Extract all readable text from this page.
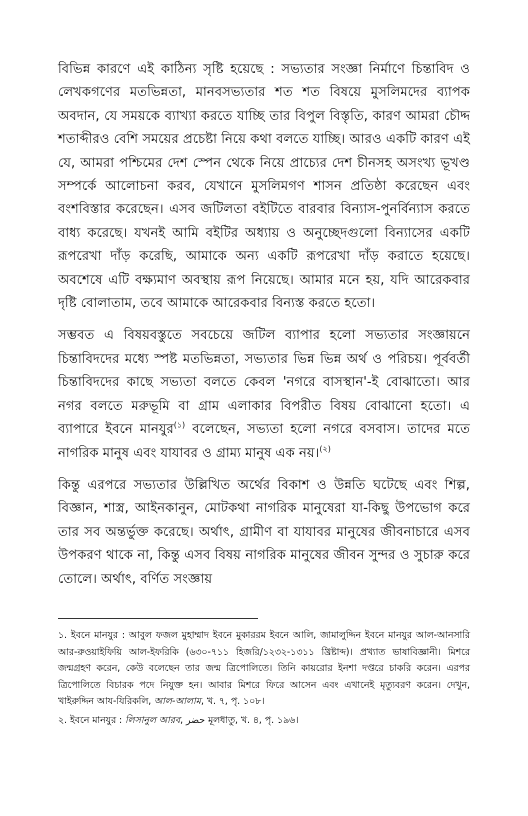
বিভিন্ন কারণে এই কাঠিন্য সৃষ্টি হয়েছে : সভ্যতার সংজ্ঞা নির্মাণে চিন্তাবিদ ও লেখকগণের মতভিন্নতা, মানবসভ্যতার শত শত বিষয়ে মুসলিমদের ব্যাপক অবদান, যে সময়কে ব্যাখ্যা করতে যাচ্ছি তার বিপুল বিস্তৃতি, কারণ আমরা চৌদ্দ শতাব্দীরও বেশি সময়ের প্রচেষ্টা নিয়ে কথা বলতে যাচ্ছি। আরও একটি কারণ এই যে, আমরা পশ্চিমের দেশ স্পেন থেকে নিয়ে প্রাচ্যের দেশ চীনসহ অসংখ্য ভূখণ্ড সম্পর্কে আলোচনা করব, যেখানে মুসলিমগণ শাসন প্রতিষ্ঠা করেছেন এবং বংশবিস্তার করেছেন। এসব জটিলতা বইটিতে বারবার বিন্যাস-পুনর্বিন্যাস করতে বাধ্য করেছে। যখনই আমি বইটির অধ্যায় ও অনুচ্ছেদগুলো বিন্যাসের একটি রূপরেখা দাঁড় করেছি, আমাকে অন্য একটি রূপরেখা দাঁড় করাতে হয়েছে। অবশেষে এটি বক্ষ্যমাণ অবস্থায় রূপ নিয়েছে। আমার মনে হয়, যদি আরেকবার দৃষ্টি বোলাতাম, তবে আমাকে আরেকবার বিন্যস্ত করতে হতো।

সম্ভবত এ বিষয়বস্তুতে সবচেয়ে জটিল ব্যাপার হলো সভ্যতার সংজ্ঞায়নে চিন্তাবিদদের মধ্যে স্পষ্ট মতভিন্নতা, সভ্যতার ভিন্ন ভিন্ন অর্থ ও পরিচয়। পূর্ববর্তী চিন্তাবিদদের কাছে সভ্যতা বলতে কেবল 'নগরে বাসস্থান'-ই বোঝাতো। আর নগর বলতে মরুভূমি বা গ্রাম এলাকার বিপরীত বিষয় বোঝানো হতো। এ ব্যাপারে ইবনে মানযুর$^{(১)}$ বলেছেন, সভ্যতা হলো নগরে বসবাস। তাদের মতে নাগরিক মানুষ এবং যাযাবর ও গ্রাম্য মানুষ এক নয়।$^{(২)}$

কিন্তু এরপরে সভ্যতার উল্লিখিত অর্থের বিকাশ ও উন্নতি ঘটেছে এবং শিল্প, বিজ্ঞান, শাস্ত্র, আইনকানুন, মোটকথা নাগরিক মানুষেরা যা-কিছু উপভোগ করে তার সব অন্তর্ভুক্ত করেছে। অর্থাৎ, গ্রামীণ বা যাযাবর মানুষের জীবনাচারে এসব উপকরণ থাকে না, কিন্তু এসব বিষয় নাগরিক মানুষের জীবন সুন্দর ও সুচারু করে তোলে। অর্থাৎ, বর্ণিত সংজ্ঞায়

১. ইবনে মানযুর : আবুল ফজল মুহাম্মাদ ইবনে মুকাররম ইবনে আলি, জামালুদ্দিন ইবনে মানযুর আল-আনসারি আর-রুওয়াইফিয়ি আল-ইফরিকি (৬৩০-৭১১ হিজরি/১২৩২-১৩১১ খ্রিষ্টাব্দ)। প্রখ্যাত ভাষাবিজ্ঞানী। মিশরে জন্মগ্রহণ করেন, কেউ বলেছেন তার জন্ম ত্রিপোলিতে। তিনি কায়রোর ইনশা দপ্তরে চাকরি করেন। এরপর ত্রিপোলিতে বিচারক পদে নিযুক্ত হন। আবার মিশরে ফিরে আসেন এবং এখানেই মৃত্যুবরণ করেন। দেখুন, খাইরুদ্দিন আয-যিরিকলি, আল-আলাম, খ. ৭, পৃ. ১০৮।

২. ইবনে মানযুর : লিসানুল আরব, حضر মূলধাতু, খ. ৪, পৃ. ১৯৬।
